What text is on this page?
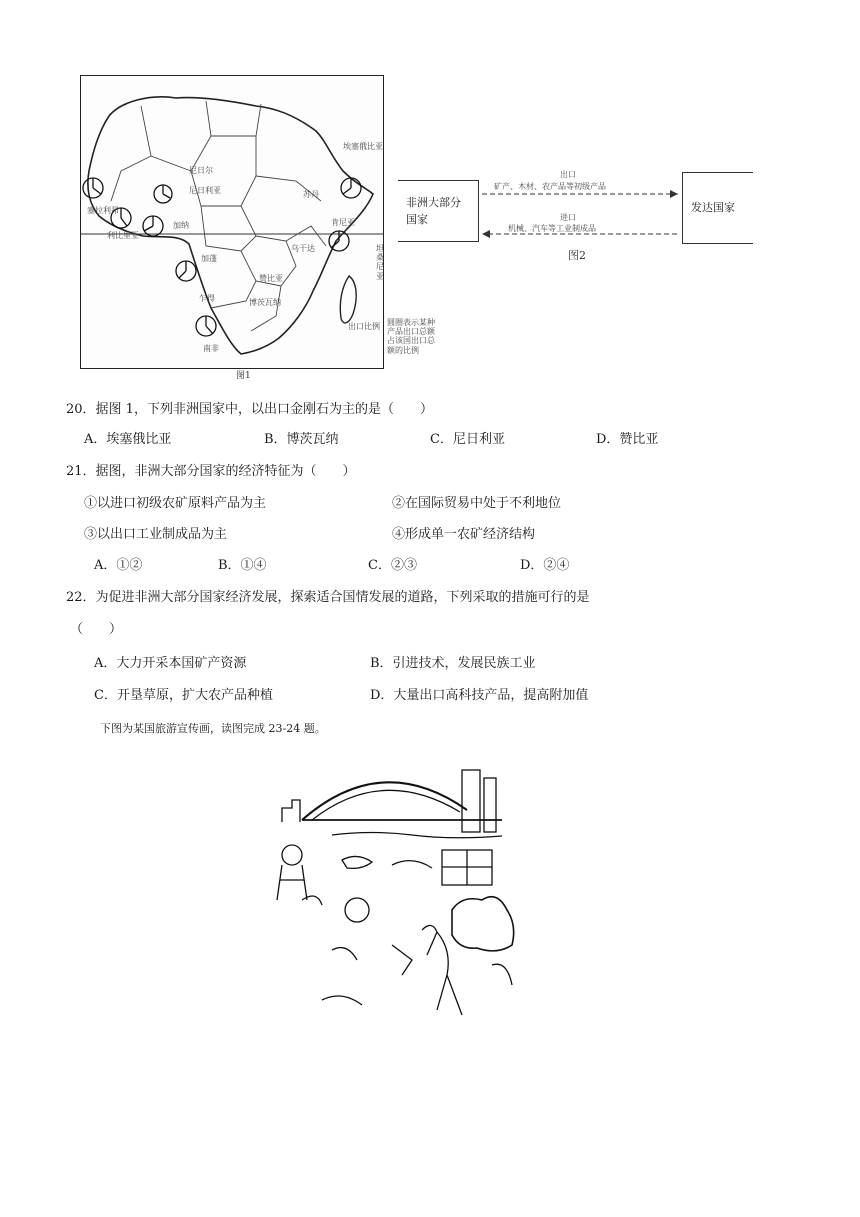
埃塞俄比亚
尼日尔
尼日利亚	苏丹
塞拉利昂
利比里亚
加纳	肯尼亚
坦桑尼亚
乌干达
加蓬
赞比亚
博茨瓦纳
南非
乍得
出口比例 圆圈表示某种
产品出口总额
占该国出口总
额的比例
图1
非洲大部分国家
发达国家
出口
矿产、木材、农产品等初级产品
进口
机械、汽车等工业制成品
图2
20．据图 1，下列非洲国家中，以出口金刚石为主的是（　　）
A．埃塞俄比亚	B．博茨瓦纳	C．尼日利亚	D．赞比亚
21．据图，非洲大部分国家的经济特征为（　　）
①以进口初级农矿原料产品为主	②在国际贸易中处于不利地位
③以出口工业制成品为主	④形成单一农矿经济结构
A．①②	B．①④	C．②③	D．②④
22．为促进非洲大部分国家经济发展，探索适合国情发展的道路，下列采取的措施可行的是
（　　）
A．大力开采本国矿产资源	B．引进技术，发展民族工业
C．开垦草原，扩大农产品种植	D．大量出口高科技产品，提高附加值
下图为某国旅游宣传画，读图完成 23-24 题。
